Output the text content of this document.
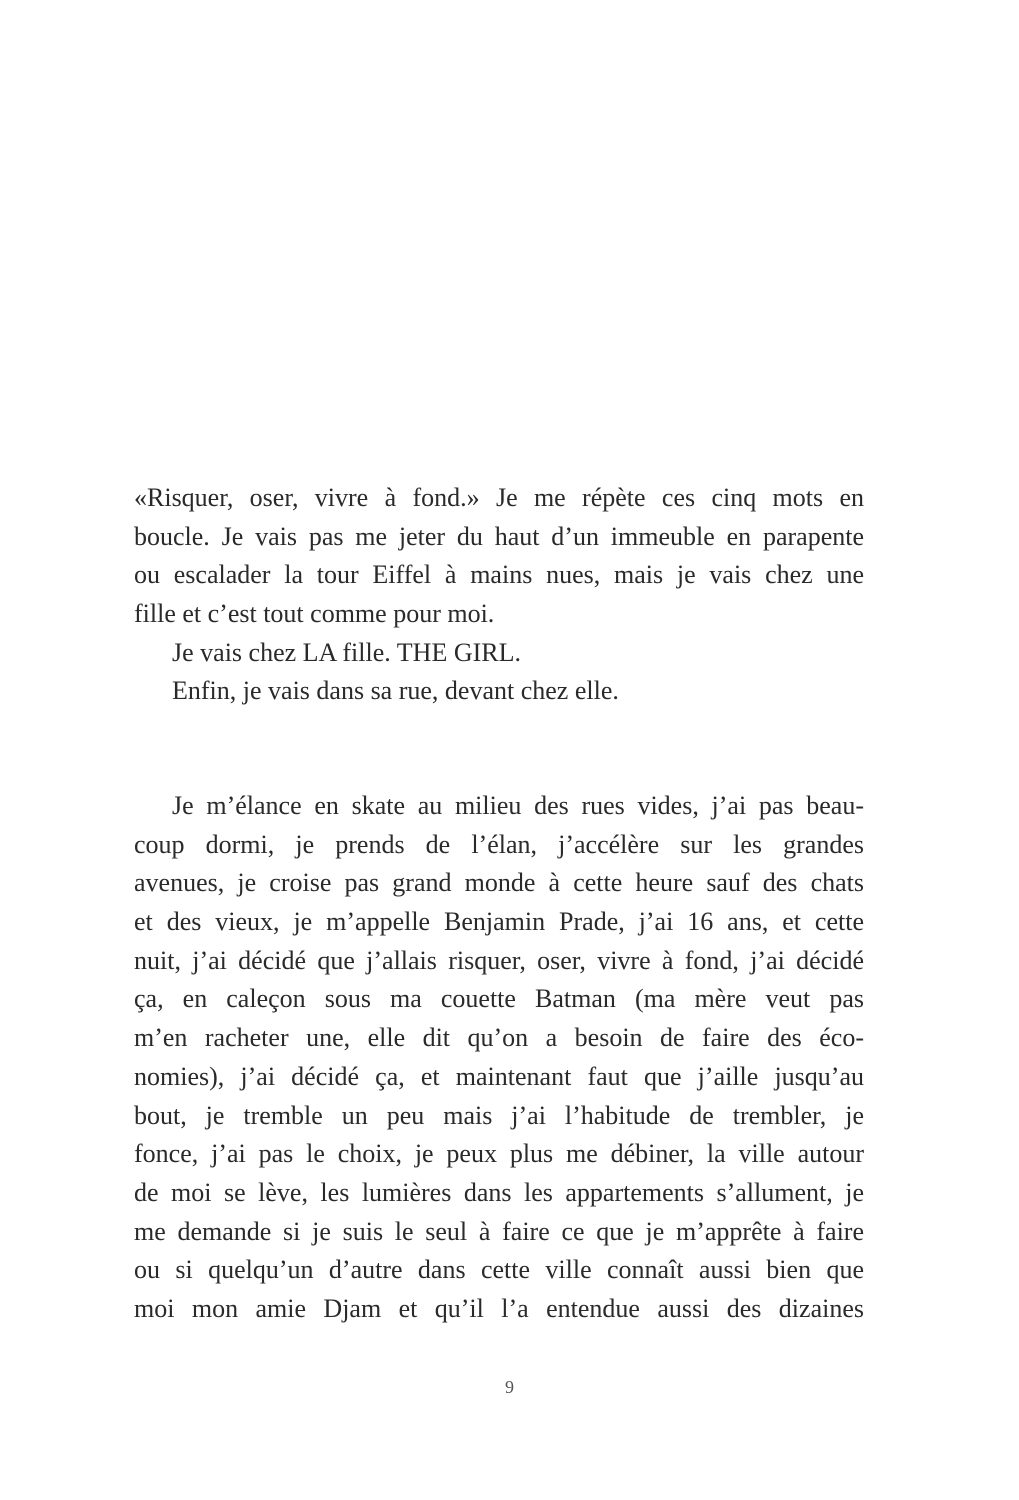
«Risquer, oser, vivre à fond.» Je me répète ces cinq mots en
boucle. Je vais pas me jeter du haut d’un immeuble en parapente
ou escalader la tour Eiffel à mains nues, mais je vais chez une
fille et c’est tout comme pour moi.
Je vais chez LA fille. THE GIRL.
Enfin, je vais dans sa rue, devant chez elle.
Je m’élance en skate au milieu des rues vides, j’ai pas beau-
coup dormi, je prends de l’élan, j’accélère sur les grandes
avenues, je croise pas grand monde à cette heure sauf des chats
et des vieux, je m’appelle Benjamin Prade, j’ai 16 ans, et cette
nuit, j’ai décidé que j’allais risquer, oser, vivre à fond, j’ai décidé
ça, en caleçon sous ma couette Batman (ma mère veut pas
m’en racheter une, elle dit qu’on a besoin de faire des éco-
nomies), j’ai décidé ça, et maintenant faut que j’aille jusqu’au
bout, je tremble un peu mais j’ai l’habitude de trembler, je
fonce, j’ai pas le choix, je peux plus me débiner, la ville autour
de moi se lève, les lumières dans les appartements s’allument, je
me demande si je suis le seul à faire ce que je m’apprête à faire
ou si quelqu’un d’autre dans cette ville connaît aussi bien que
moi mon amie Djam et qu’il l’a entendue aussi des dizaines
9
